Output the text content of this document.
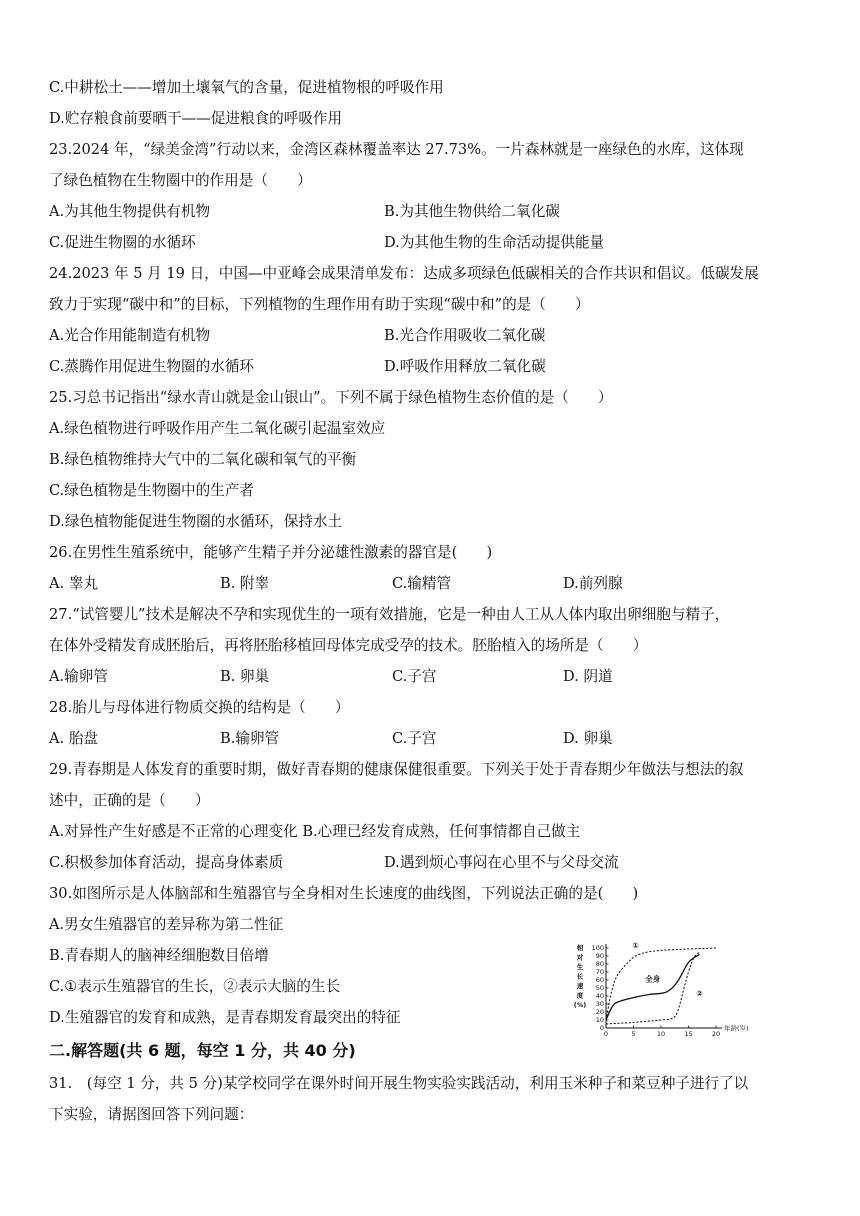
C.中耕松土——增加土壤氧气的含量，促进植物根的呼吸作用
D.贮存粮食前要晒干——促进粮食的呼吸作用
23.2024 年，“绿美金湾”行动以来，金湾区森林覆盖率达 27.73%。一片森林就是一座绿色的水库，这体现
了绿色植物在生物圈中的作用是（　　）
A.为其他生物提供有机物	B.为其他生物供给二氧化碳
C.促进生物圈的水循环	D.为其他生物的生命活动提供能量
24.2023 年 5 月 19 日，中国—中亚峰会成果清单发布：达成多项绿色低碳相关的合作共识和倡议。低碳发展
致力于实现“碳中和”的目标，下列植物的生理作用有助于实现“碳中和”的是（　　）
A.光合作用能制造有机物	B.光合作用吸收二氧化碳
C.蒸腾作用促进生物圈的水循环	D.呼吸作用释放二氧化碳
25.习总书记指出“绿水青山就是金山银山”。下列不属于绿色植物生态价值的是（　　）
A.绿色植物进行呼吸作用产生二氧化碳引起温室效应
B.绿色植物维持大气中的二氧化碳和氧气的平衡
C.绿色植物是生物圈中的生产者
D.绿色植物能促进生物圈的水循环，保持水土
26.在男性生殖系统中，能够产生精子并分泌雄性激素的器官是(　　)
A. 睾丸	B. 附睾	C.输精管	D.前列腺
27.“试管婴儿”技术是解决不孕和实现优生的一项有效措施，它是一种由人工从人体内取出卵细胞与精子，
在体外受精发育成胚胎后，再将胚胎移植回母体完成受孕的技术。胚胎植入的场所是（　　）
A.输卵管	B. 卵巢	C.子宫	D. 阴道
28.胎儿与母体进行物质交换的结构是（　　）
A. 胎盘	B.输卵管	C.子宫	D. 卵巢
29.青春期是人体发育的重要时期，做好青春期的健康保健很重要。下列关于处于青春期少年做法与想法的叙
述中，正确的是（　　）
A.对异性产生好感是不正常的心理变化 B.心理已经发育成熟，任何事情都自己做主
C.积极参加体育活动，提高身体素质	D.遇到烦心事闷在心里不与父母交流
30.如图所示是人体脑部和生殖器官与全身相对生长速度的曲线图，下列说法正确的是(　　)
A.男女生殖器官的差异称为第二性征
B.青春期人的脑神经细胞数目倍增
C.①表示生殖器官的生长，②表示大脑的生长
D.生殖器官的发育和成熟，是青春期发育最突出的特征
二.解答题(共 6 题，每空 1 分，共 40 分)
31.　(每空 1 分，共 5 分)某学校同学在课外时间开展生物实验实践活动，利用玉米种子和菜豆种子进行了以
下实验，请据图回答下列问题：
0
10
20
30
40
50
60
70
80
90
100
0	5	10	15	20
年龄(岁)
相
对
生
长
速
度
(%)
①
全身
②
